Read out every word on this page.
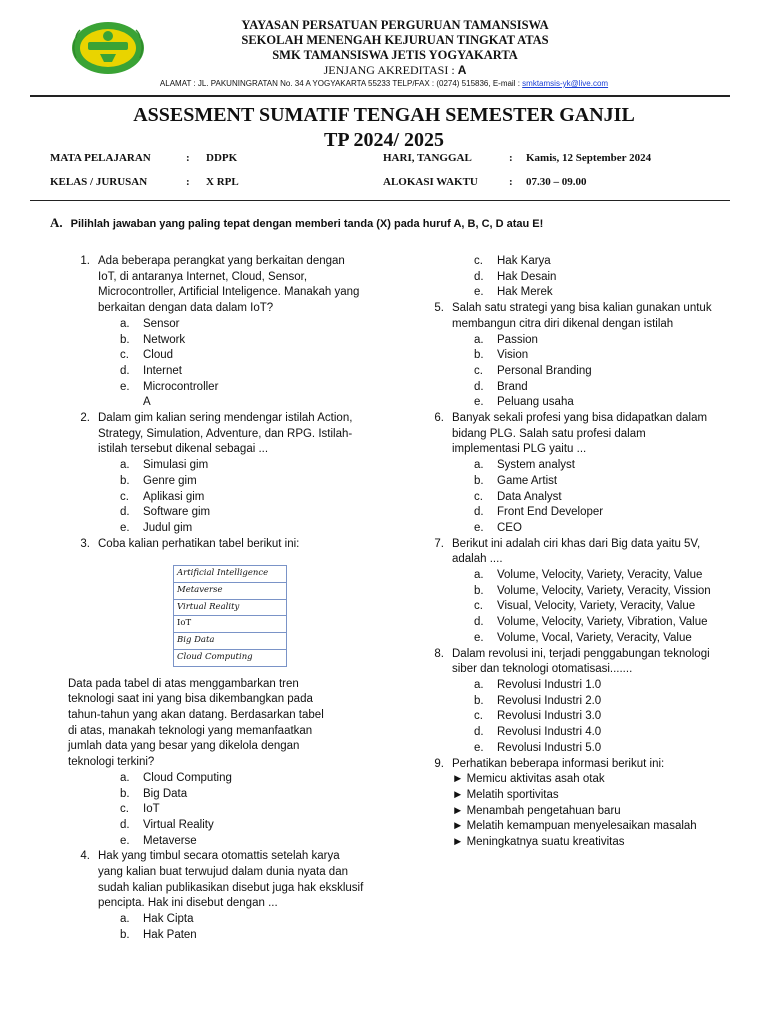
YAYASAN PERSATUAN PERGURUAN TAMANSISWA
SEKOLAH MENENGAH KEJURUAN TINGKAT ATAS
SMK TAMANSISWA JETIS YOGYAKARTA
JENJANG AKREDITASI : A
ALAMAT : JL. PAKUNINGRATAN No. 34 A YOGYAKARTA 55233 TELP/FAX : (0274) 515836, E-mail : smktamsis-yk@live.com
ASSESMENT SUMATIF TENGAH SEMESTER GANJIL
TP 2024/ 2025
MATA PELAJARAN	: DDPK
KELAS / JURUSAN	: X RPL
HARI, TANGGAL	: Kamis, 12 September 2024
ALOKASI WAKTU	: 07.30 – 09.00
A. Pilihlah jawaban yang paling tepat dengan memberi tanda (X) pada huruf A, B, C, D atau E!
1. Ada beberapa perangkat yang berkaitan dengan IoT, di antaranya Internet, Cloud, Sensor, Microcontroller, Artificial Inteligence. Manakah yang berkaitan dengan data dalam IoT?
a. Sensor
b. Network
c. Cloud
d. Internet
e. Microcontroller
A
2. Dalam gim kalian sering mendengar istilah Action, Strategy, Simulation, Adventure, dan RPG. Istilah-istilah tersebut dikenal sebagai ...
a. Simulasi gim
b. Genre gim
c. Aplikasi gim
d. Software gim
e. Judul gim
3. Coba kalian perhatikan tabel berikut ini:
Artificial Intelligence
Metaverse
Virtual Reality
IoT
Big Data
Cloud Computing
Data pada tabel di atas menggambarkan tren teknologi saat ini yang bisa dikembangkan pada tahun-tahun yang akan datang. Berdasarkan tabel di atas, manakah teknologi yang memanfaatkan jumlah data yang besar yang dikelola dengan teknologi terkini?
a. Cloud Computing
b. Big Data
c. IoT
d. Virtual Reality
e. Metaverse
4. Hak yang timbul secara otomattis setelah karya yang kalian buat terwujud dalam dunia nyata dan sudah kalian publikasikan disebut juga hak eksklusif pencipta. Hak ini disebut dengan ...
a. Hak Cipta
b. Hak Paten
c. Hak Karya
d. Hak Desain
e. Hak Merek
5. Salah satu strategi yang bisa kalian gunakan untuk membangun citra diri dikenal dengan istilah
a. Passion
b. Vision
c. Personal Branding
d. Brand
e. Peluang usaha
6. Banyak sekali profesi yang bisa didapatkan dalam bidang PLG. Salah satu profesi dalam implementasi PLG yaitu ...
a. System analyst
b. Game Artist
c. Data Analyst
d. Front End Developer
e. CEO
7. Berikut ini adalah ciri khas dari Big data yaitu 5V, adalah ....
a. Volume, Velocity, Variety, Veracity, Value
b. Volume, Velocity, Variety, Veracity, Vission
c. Visual, Velocity, Variety, Veracity, Value
d. Volume, Velocity, Variety, Vibration, Value
e. Volume, Vocal, Variety, Veracity, Value
8. Dalam revolusi ini, terjadi penggabungan teknologi siber dan teknologi otomatisasi.......
a. Revolusi Industri 1.0
b. Revolusi Industri 2.0
c. Revolusi Industri 3.0
d. Revolusi Industri 4.0
e. Revolusi Industri 5.0
9. Perhatikan beberapa informasi berikut ini:
► Memicu aktivitas asah otak
► Melatih sportivitas
► Menambah pengetahuan baru
► Melatih kemampuan menyelesaikan masalah
► Meningkatnya suatu kreativitas
